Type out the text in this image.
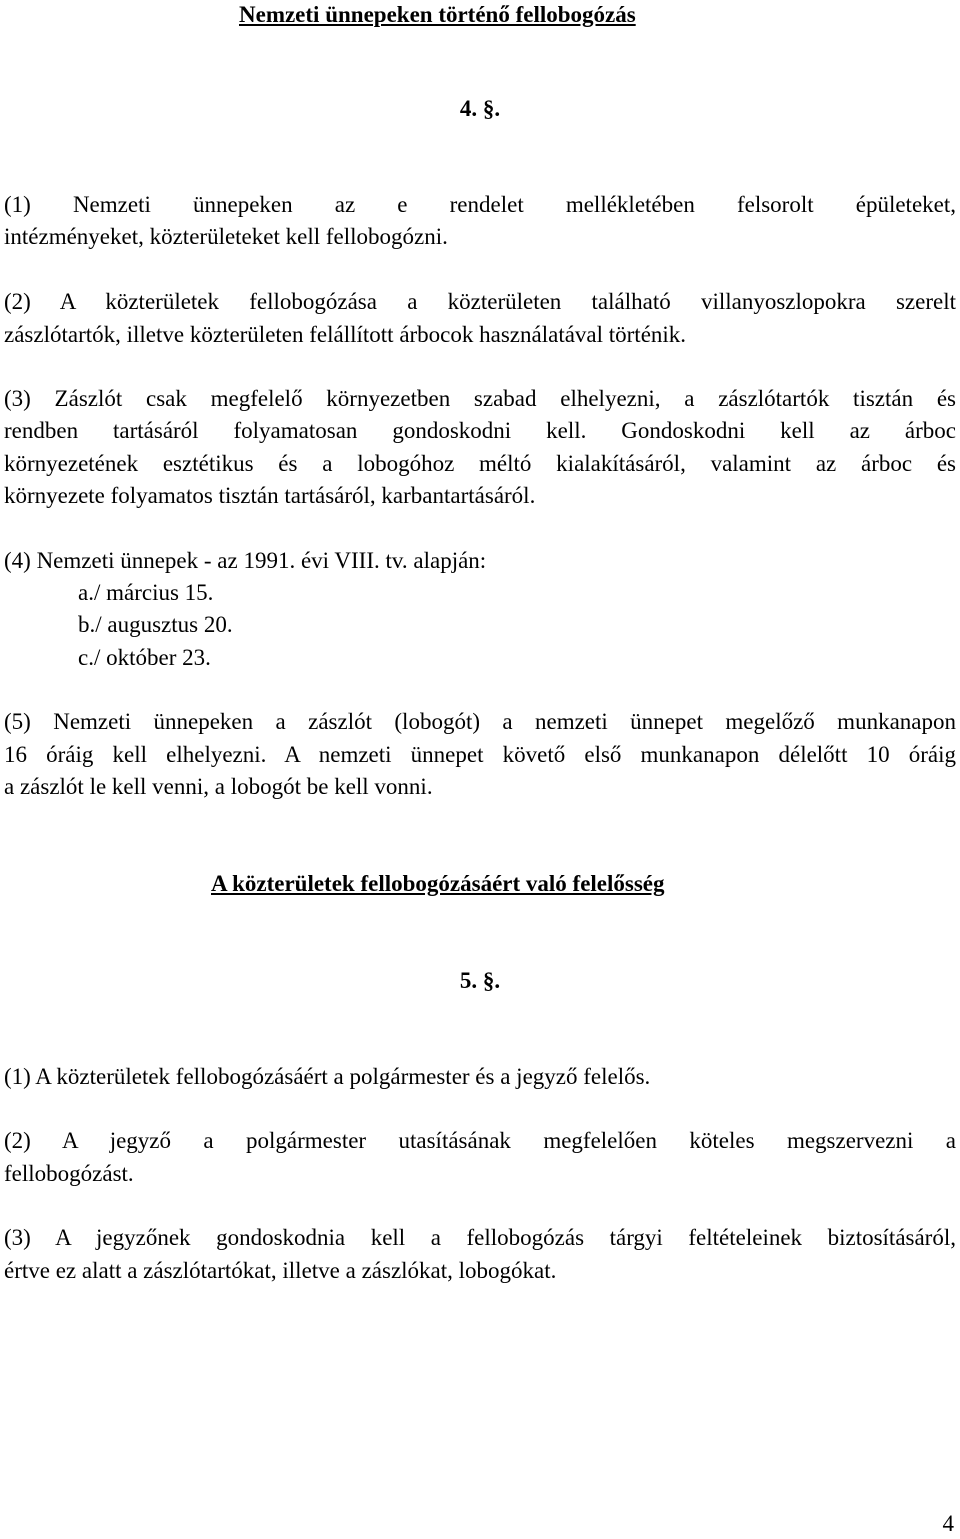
Nemzeti ünnepeken történő fellobogózás
4. §.
(1) Nemzeti ünnepeken az e rendelet mellékletében felsorolt épületeket,
intézményeket, közterületeket kell fellobogózni.
(2) A közterületek fellobogózása a közterületen található villanyoszlopokra szerelt
zászlótartók, illetve közterületen felállított árbocok használatával történik.
(3) Zászlót csak megfelelő környezetben szabad elhelyezni, a zászlótartók tisztán és
rendben tartásáról folyamatosan gondoskodni kell. Gondoskodni kell az árboc
környezetének esztétikus és a lobogóhoz méltó kialakításáról, valamint az árboc és
környezete folyamatos tisztán tartásáról, karbantartásáról.
(4) Nemzeti ünnepek - az 1991. évi VIII. tv. alapján:
a./ március 15.
b./ augusztus 20.
c./ október 23.
(5) Nemzeti ünnepeken a zászlót (lobogót) a nemzeti ünnepet megelőző munkanapon
16 óráig kell elhelyezni. A nemzeti ünnepet követő első munkanapon délelőtt 10 óráig
a zászlót le kell venni, a lobogót be kell vonni.
A közterületek fellobogózásáért való felelősség
5. §.
(1) A közterületek fellobogózásáért a polgármester és a jegyző felelős.
(2) A jegyző a polgármester utasításának megfelelően köteles megszervezni a
fellobogózást.
(3) A jegyzőnek gondoskodnia kell a fellobogózás tárgyi feltételeinek biztosításáról,
értve ez alatt a zászlótartókat, illetve a zászlókat, lobogókat.
4
